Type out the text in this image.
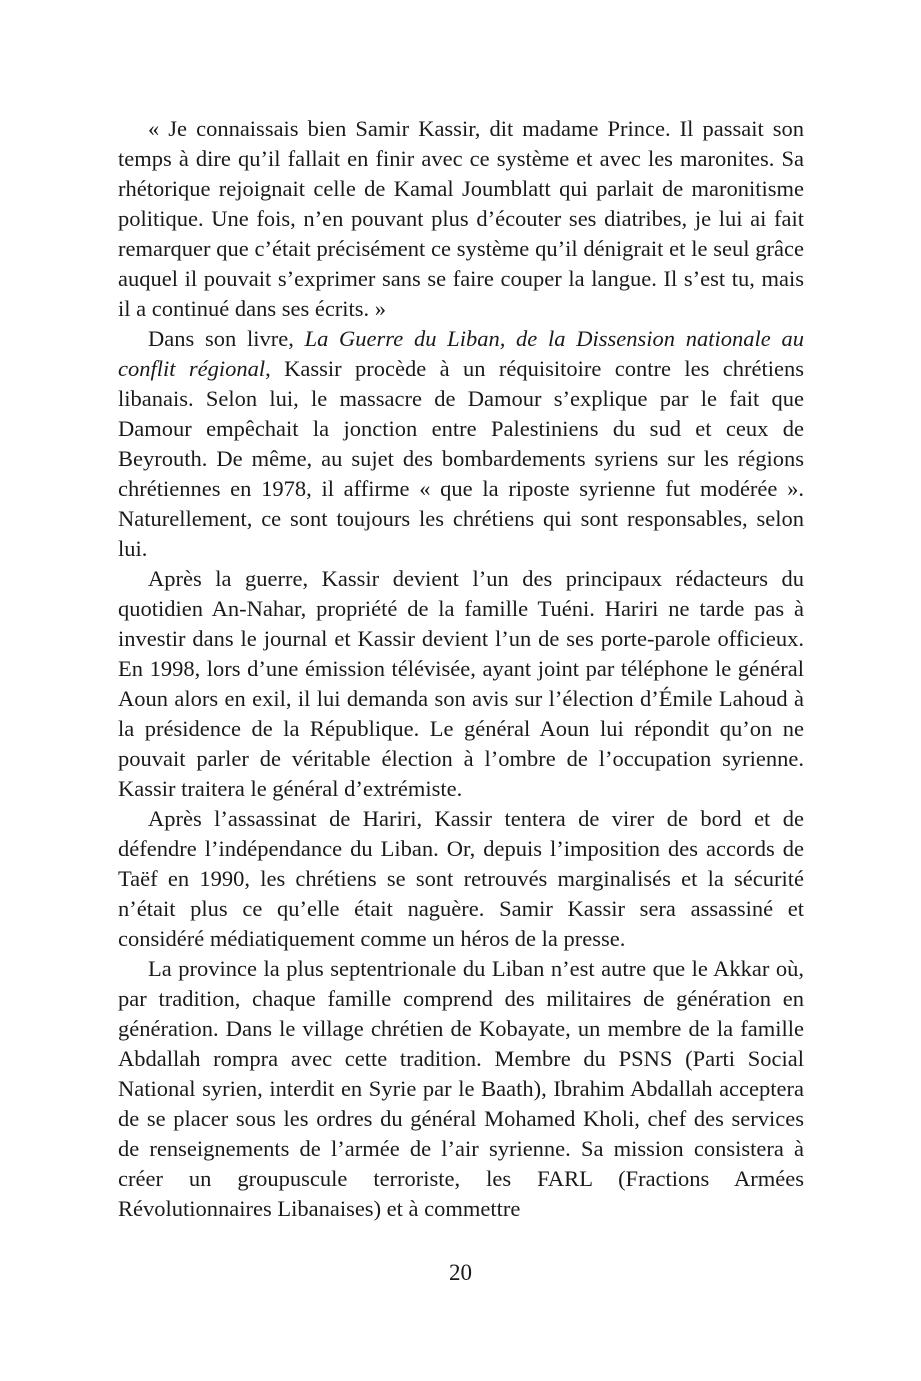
« Je connaissais bien Samir Kassir, dit madame Prince. Il passait son temps à dire qu’il fallait en finir avec ce système et avec les maronites. Sa rhétorique rejoignait celle de Kamal Joumblatt qui parlait de maronitisme politique. Une fois, n’en pouvant plus d’écouter ses diatribes, je lui ai fait remarquer que c’était précisément ce système qu’il dénigrait et le seul grâce auquel il pouvait s’exprimer sans se faire couper la langue. Il s’est tu, mais il a continué dans ses écrits. »

Dans son livre, La Guerre du Liban, de la Dissension nationale au conflit régional, Kassir procède à un réquisitoire contre les chrétiens libanais. Selon lui, le massacre de Damour s’explique par le fait que Damour empêchait la jonction entre Palestiniens du sud et ceux de Beyrouth. De même, au sujet des bombardements syriens sur les régions chrétiennes en 1978, il affirme « que la riposte syrienne fut modérée ». Naturellement, ce sont toujours les chrétiens qui sont responsables, selon lui.

Après la guerre, Kassir devient l’un des principaux rédacteurs du quotidien An-Nahar, propriété de la famille Tuéni. Hariri ne tarde pas à investir dans le journal et Kassir devient l’un de ses porte-parole officieux. En 1998, lors d’une émission télévisée, ayant joint par téléphone le général Aoun alors en exil, il lui demanda son avis sur l’élection d’Émile Lahoud à la présidence de la République. Le général Aoun lui répondit qu’on ne pouvait parler de véritable élection à l’ombre de l’occupation syrienne. Kassir traitera le général d’extrémiste.

Après l’assassinat de Hariri, Kassir tentera de virer de bord et de défendre l’indépendance du Liban. Or, depuis l’imposition des accords de Taëf en 1990, les chrétiens se sont retrouvés marginalisés et la sécurité n’était plus ce qu’elle était naguère. Samir Kassir sera assassiné et considéré médiatiquement comme un héros de la presse.

La province la plus septentrionale du Liban n’est autre que le Akkar où, par tradition, chaque famille comprend des militaires de génération en génération. Dans le village chrétien de Kobayate, un membre de la famille Abdallah rompra avec cette tradition. Membre du PSNS (Parti Social National syrien, interdit en Syrie par le Baath), Ibrahim Abdallah acceptera de se placer sous les ordres du général Mohamed Kholi, chef des services de renseignements de l’armée de l’air syrienne. Sa mission consistera à créer un groupuscule terroriste, les FARL (Fractions Armées Révolutionnaires Libanaises) et à commettre

20
